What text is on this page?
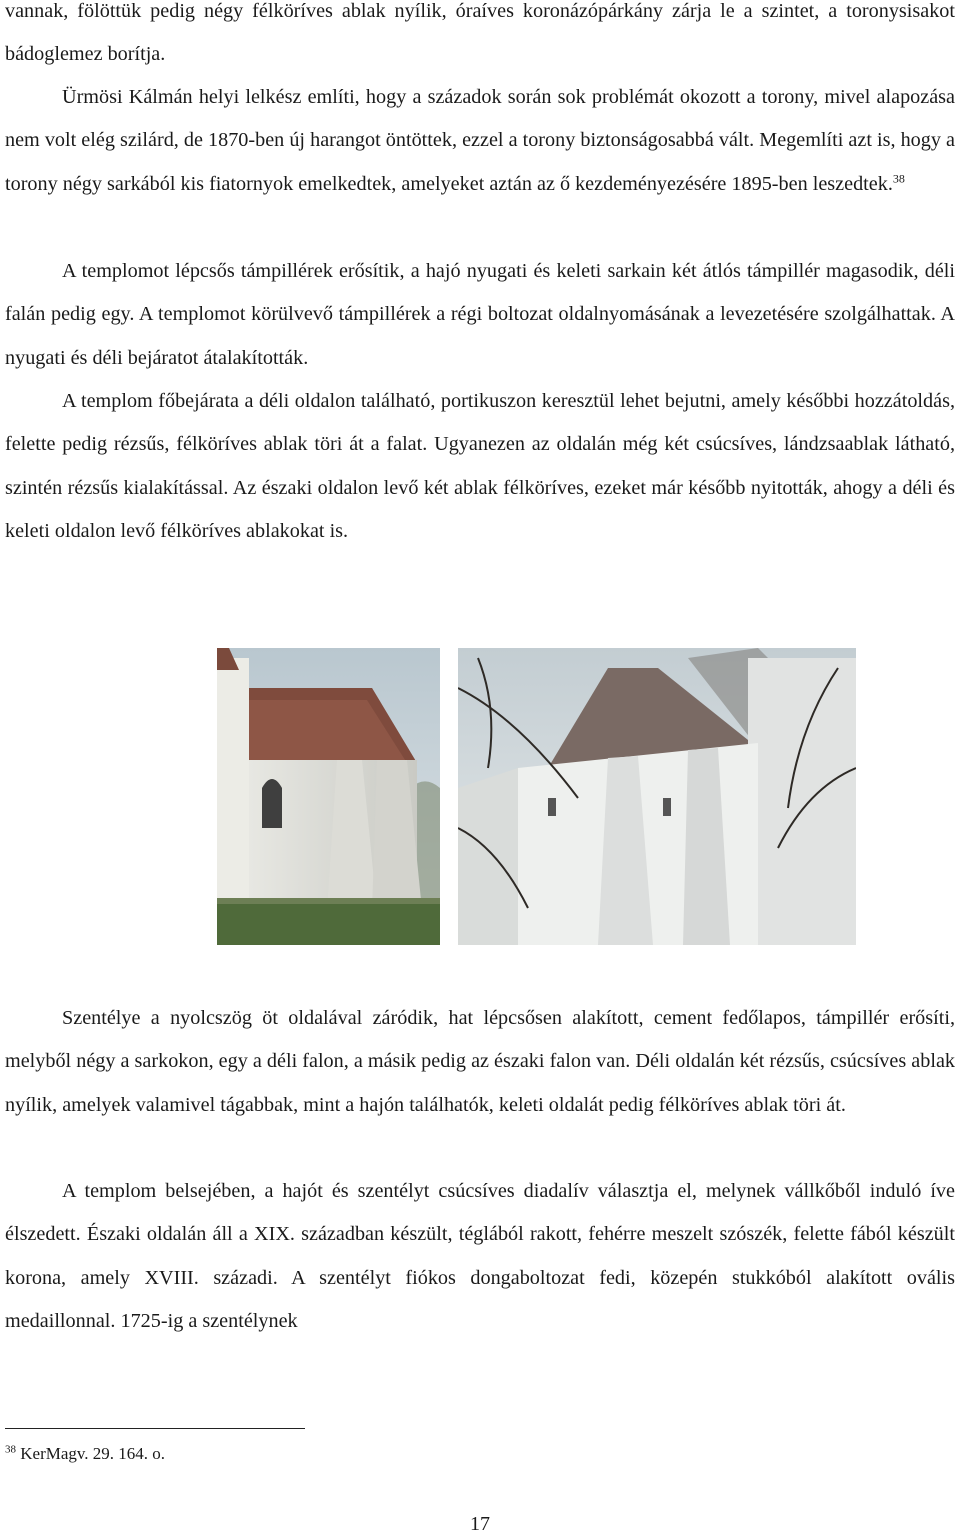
vannak, fölöttük pedig négy félköríves ablak nyílik, óraíves koronázópárkány zárja le a szintet, a toronysisakot bádoglemez borítja.

Ürmösi Kálmán helyi lelkész említi, hogy a századok során sok problémát okozott a torony, mivel alapozása nem volt elég szilárd, de 1870-ben új harangot öntöttek, ezzel a torony biztonságosabbá vált. Megemlíti azt is, hogy a torony négy sarkából kis fiatornyok emelkedtek, amelyeket aztán az ő kezdeményezésére 1895-ben leszedtek.$^{38}$

A templomot lépcsős támpillérek erősítik, a hajó nyugati és keleti sarkain két átlós támpillér magasodik, déli falán pedig egy. A templomot körülvevő támpillérek a régi boltozat oldalnyomásának a levezetésére szolgálhattak. A nyugati és déli bejáratot átalakították.

A templom főbejárata a déli oldalon található, portikuszon keresztül lehet bejutni, amely későbbi hozzátoldás, felette pedig rézsűs, félköríves ablak töri át a falat. Ugyanezen az oldalán még két csúcsíves, lándzsaablak látható, szintén rézsűs kialakítással. Az északi oldalon levő két ablak félköríves, ezeket már később nyitották, ahogy a déli és keleti oldalon levő félköríves ablakokat is.

Szentélye a nyolcszög öt oldalával záródik, hat lépcsősen alakított, cement fedőlapos, támpillér erősíti, melyből négy a sarkokon, egy a déli falon, a másik pedig az északi falon van. Déli oldalán két rézsűs, csúcsíves ablak nyílik, amelyek valamivel tágabbak, mint a hajón találhatók, keleti oldalát pedig félköríves ablak töri át.

A templom belsejében, a hajót és szentélyt csúcsíves diadalív választja el, melynek vállkőből induló íve élszedett. Északi oldalán áll a XIX. században készült, téglából rakott, fehérre meszelt szószék, felette fából készült korona, amely XVIII. századi. A szentélyt fiókos dongaboltozat fedi, közepén stukkóból alakított ovális medaillonnal. 1725-ig a szentélynek

$^{38}$ KerMagv. 29. 164. o.

17
